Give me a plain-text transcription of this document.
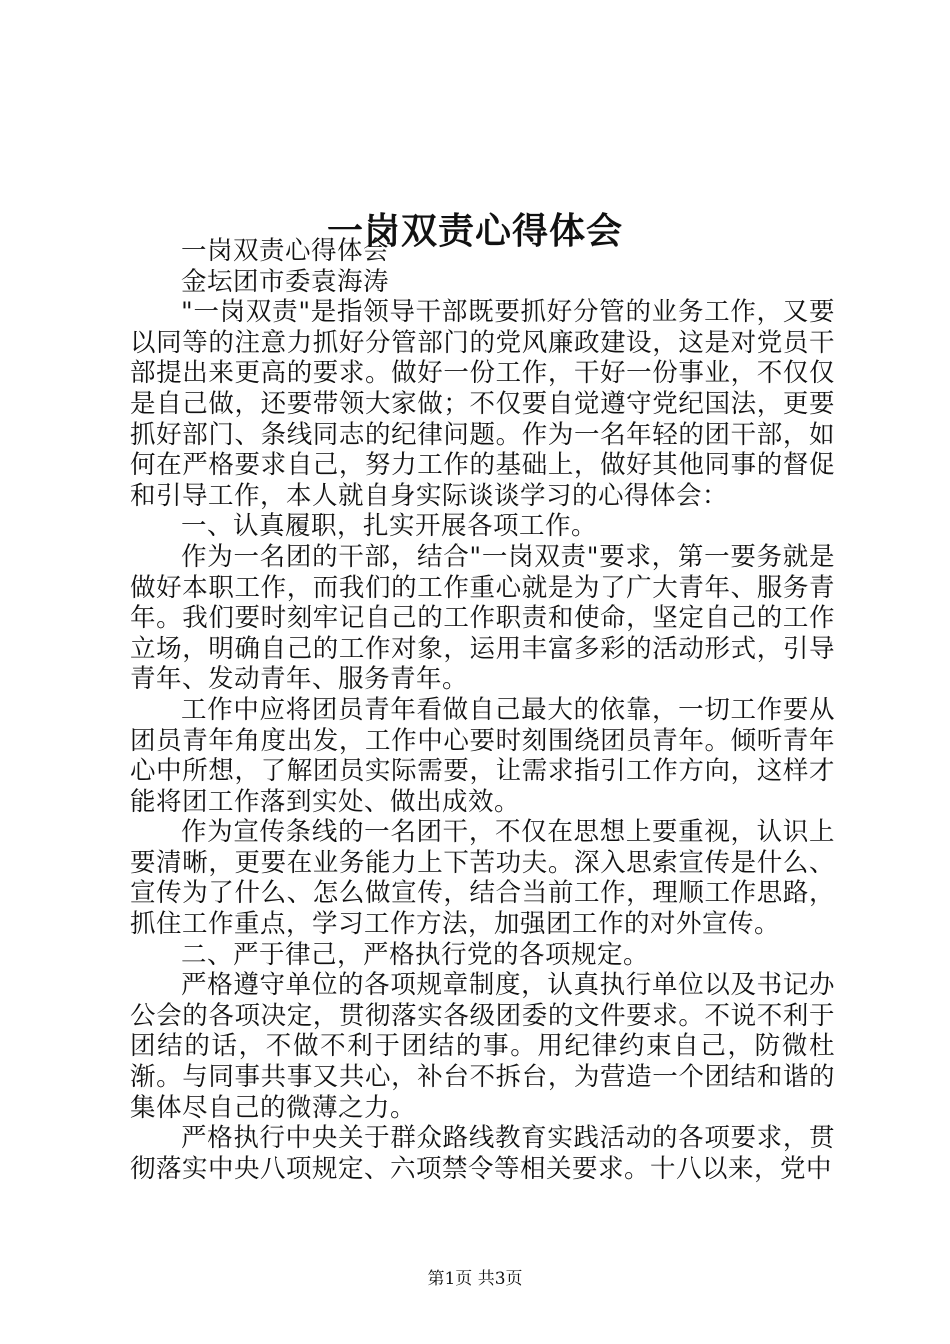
一岗双责心得体会

一岗双责心得体会

金坛团市委袁海涛

"一岗双责"是指领导干部既要抓好分管的业务工作，又要以同等的注意力抓好分管部门的党风廉政建设，这是对党员干部提出来更高的要求。做好一份工作，干好一份事业，不仅仅是自己做，还要带领大家做；不仅要自觉遵守党纪国法，更要抓好部门、条线同志的纪律问题。作为一名年轻的团干部，如何在严格要求自己，努力工作的基础上，做好其他同事的督促和引导工作，本人就自身实际谈谈学习的心得体会：

一、认真履职，扎实开展各项工作。

作为一名团的干部，结合"一岗双责"要求，第一要务就是做好本职工作，而我们的工作重心就是为了广大青年、服务青年。我们要时刻牢记自己的工作职责和使命，坚定自己的工作立场，明确自己的工作对象，运用丰富多彩的活动形式，引导青年、发动青年、服务青年。

工作中应将团员青年看做自己最大的依靠，一切工作要从团员青年角度出发，工作中心要时刻围绕团员青年。倾听青年心中所想，了解团员实际需要，让需求指引工作方向，这样才能将团工作落到实处、做出成效。

作为宣传条线的一名团干，不仅在思想上要重视，认识上要清晰，更要在业务能力上下苦功夫。深入思索宣传是什么、宣传为了什么、怎么做宣传，结合当前工作，理顺工作思路，抓住工作重点，学习工作方法，加强团工作的对外宣传。

二、严于律己，严格执行党的各项规定。

严格遵守单位的各项规章制度，认真执行单位以及书记办公会的各项决定，贯彻落实各级团委的文件要求。不说不利于团结的话，不做不利于团结的事。用纪律约束自己，防微杜渐。与同事共事又共心，补台不拆台，为营造一个团结和谐的集体尽自己的微薄之力。

严格执行中央关于群众路线教育实践活动的各项要求，贯彻落实中央八项规定、六项禁令等相关要求。十八以来，党中

第1页 共3页
